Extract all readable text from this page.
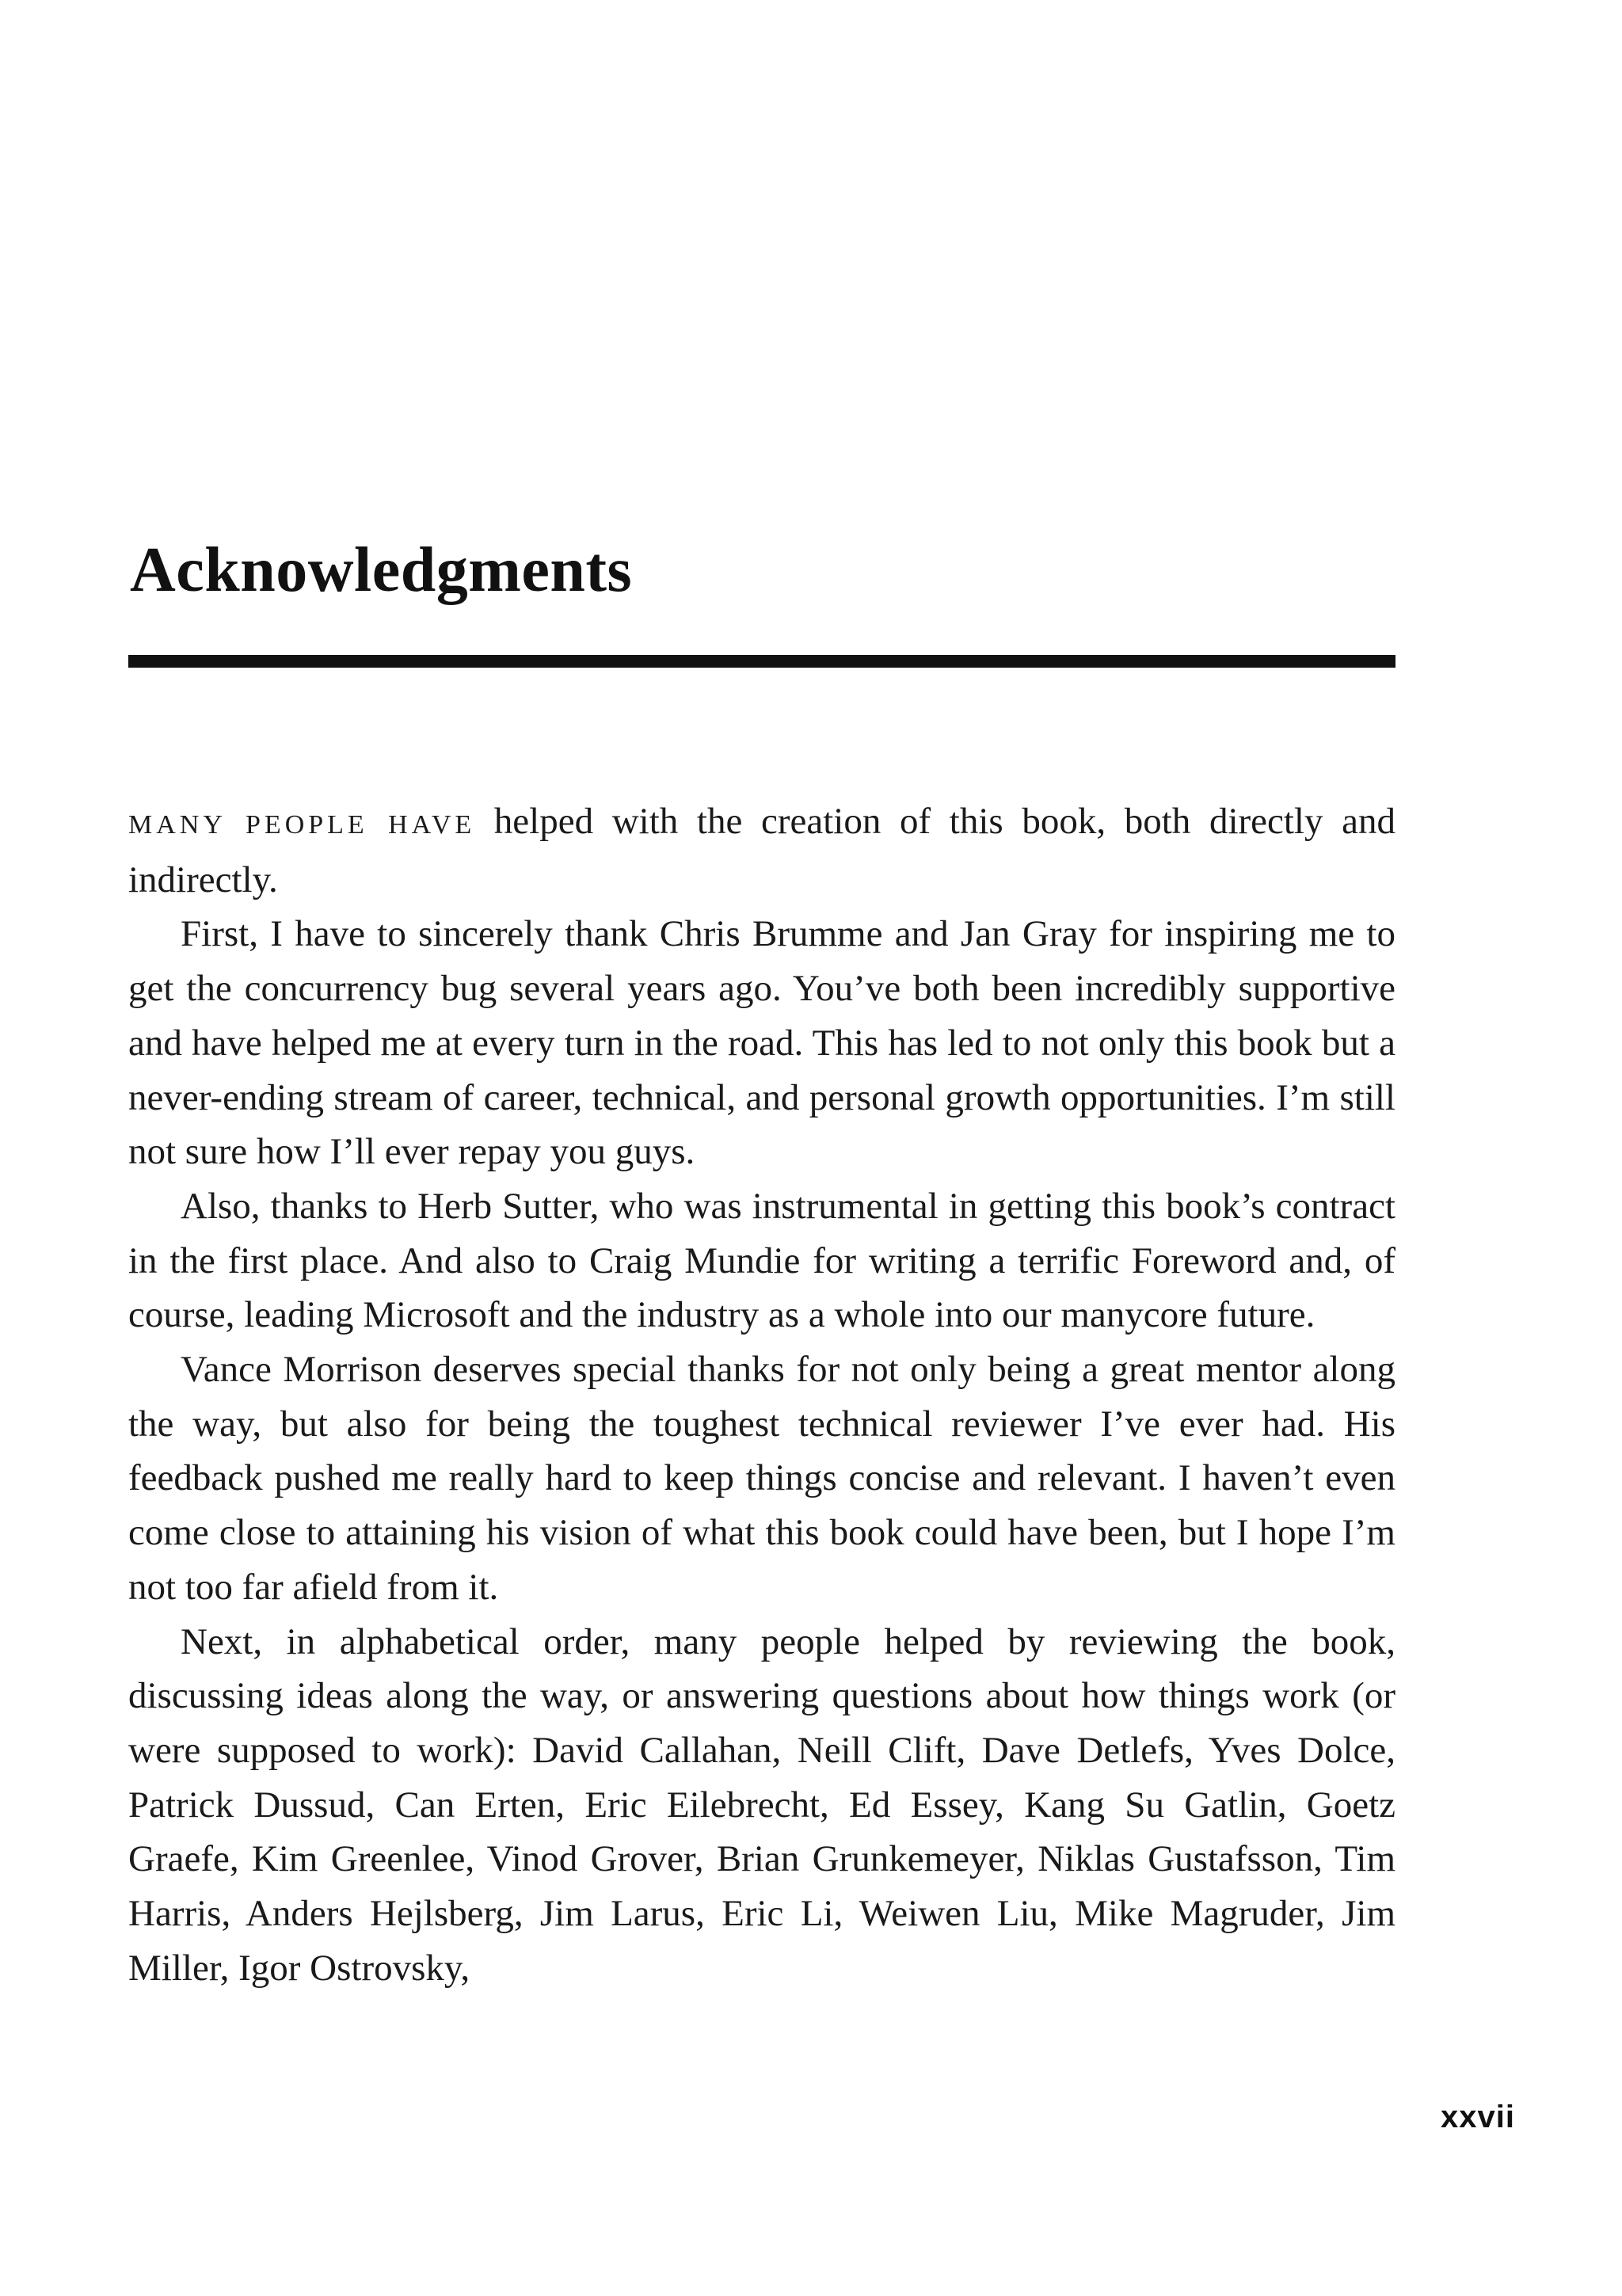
Acknowledgments

MANY PEOPLE HAVE helped with the creation of this book, both directly and indirectly.

First, I have to sincerely thank Chris Brumme and Jan Gray for inspiring me to get the concurrency bug several years ago. You’ve both been incredibly supportive and have helped me at every turn in the road. This has led to not only this book but a never-ending stream of career, technical, and personal growth opportunities. I’m still not sure how I’ll ever repay you guys.

Also, thanks to Herb Sutter, who was instrumental in getting this book’s contract in the first place. And also to Craig Mundie for writing a terrific Foreword and, of course, leading Microsoft and the industry as a whole into our manycore future.

Vance Morrison deserves special thanks for not only being a great mentor along the way, but also for being the toughest technical reviewer I’ve ever had. His feedback pushed me really hard to keep things concise and relevant. I haven’t even come close to attaining his vision of what this book could have been, but I hope I’m not too far afield from it.

Next, in alphabetical order, many people helped by reviewing the book, discussing ideas along the way, or answering questions about how things work (or were supposed to work): David Callahan, Neill Clift, Dave Detlefs, Yves Dolce, Patrick Dussud, Can Erten, Eric Eilebrecht, Ed Essey, Kang Su Gatlin, Goetz Graefe, Kim Greenlee, Vinod Grover, Brian Grunkemeyer, Niklas Gustafsson, Tim Harris, Anders Hejlsberg, Jim Larus, Eric Li, Weiwen Liu, Mike Magruder, Jim Miller, Igor Ostrovsky,

xxvii
